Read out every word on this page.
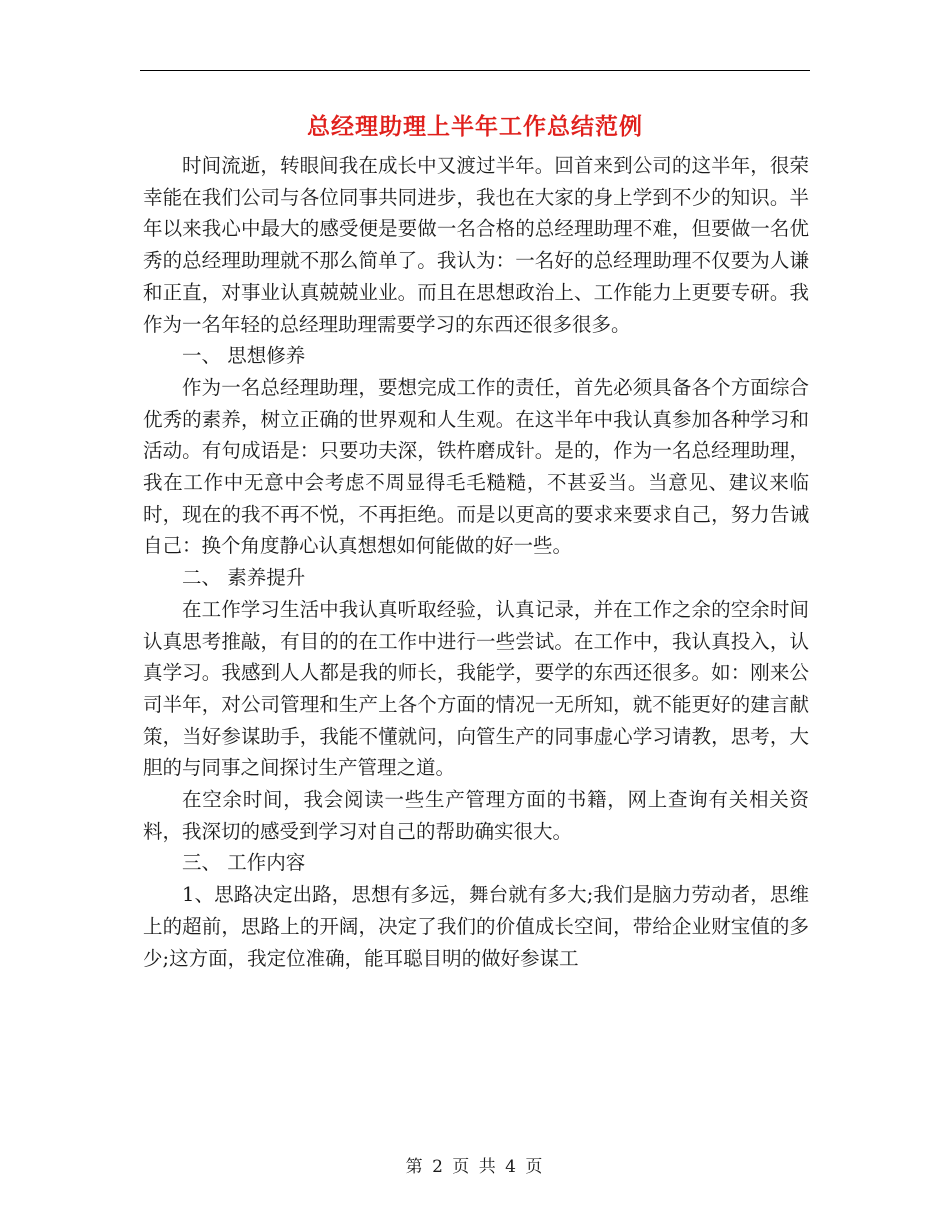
总经理助理上半年工作总结范例

时间流逝，转眼间我在成长中又渡过半年。回首来到公司的这半年，很荣幸能在我们公司与各位同事共同进步，我也在大家的身上学到不少的知识。半年以来我心中最大的感受便是要做一名合格的总经理助理不难，但要做一名优秀的总经理助理就不那么简单了。我认为：一名好的总经理助理不仅要为人谦和正直，对事业认真兢兢业业。而且在思想政治上、工作能力上更要专研。我作为一名年轻的总经理助理需要学习的东西还很多很多。

一、 思想修养

作为一名总经理助理，要想完成工作的责任，首先必须具备各个方面综合优秀的素养，树立正确的世界观和人生观。在这半年中我认真参加各种学习和活动。有句成语是：只要功夫深，铁杵磨成针。是的，作为一名总经理助理，我在工作中无意中会考虑不周显得毛毛糙糙，不甚妥当。当意见、建议来临时，现在的我不再不悦，不再拒绝。而是以更高的要求来要求自己，努力告诫自己：换个角度静心认真想想如何能做的好一些。

二、 素养提升

在工作学习生活中我认真听取经验，认真记录，并在工作之余的空余时间认真思考推敲，有目的的在工作中进行一些尝试。在工作中，我认真投入，认真学习。我感到人人都是我的师长，我能学，要学的东西还很多。如：刚来公司半年，对公司管理和生产上各个方面的情况一无所知，就不能更好的建言献策，当好参谋助手，我能不懂就问，向管生产的同事虚心学习请教，思考，大胆的与同事之间探讨生产管理之道。

在空余时间，我会阅读一些生产管理方面的书籍，网上查询有关相关资料，我深切的感受到学习对自己的帮助确实很大。

三、 工作内容

1、思路决定出路，思想有多远，舞台就有多大;我们是脑力劳动者，思维上的超前，思路上的开阔，决定了我们的价值成长空间，带给企业财宝值的多少;这方面，我定位准确，能耳聪目明的做好参谋工

第 2 页 共 4 页
